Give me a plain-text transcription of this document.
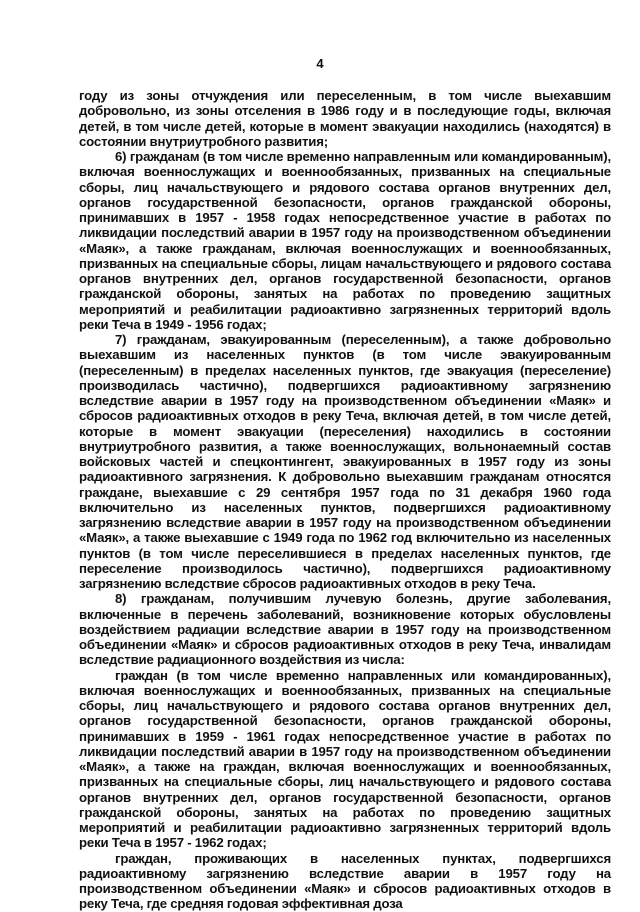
4

году из зоны отчуждения или переселенным, в том числе выехавшим добровольно, из зоны отселения в 1986 году и в последующие годы, включая детей, в том числе детей, которые в момент эвакуации находились (находятся) в состоянии внутриутробного развития;

6) гражданам (в том числе временно направленным или командированным), включая военнослужащих и военнообязанных, призванных на специальные сборы, лиц начальствующего и рядового состава органов внутренних дел, органов государственной безопасности, органов гражданской обороны, принимавших в 1957 - 1958 годах непосредственное участие в работах по ликвидации последствий аварии в 1957 году на производственном объединении «Маяк», а также гражданам, включая военнослужащих и военнообязанных, призванных на специальные сборы, лицам начальствующего и рядового состава органов внутренних дел, органов государственной безопасности, органов гражданской обороны, занятых на работах по проведению защитных мероприятий и реабилитации радиоактивно загрязненных территорий вдоль реки Теча в 1949 - 1956 годах;

7) гражданам, эвакуированным (переселенным), а также добровольно выехавшим из населенных пунктов (в том числе эвакуированным (переселенным) в пределах населенных пунктов, где эвакуация (переселение) производилась частично), подвергшихся радиоактивному загрязнению вследствие аварии в 1957 году на производственном объединении «Маяк» и сбросов радиоактивных отходов в реку Теча, включая детей, в том числе детей, которые в момент эвакуации (переселения) находились в состоянии внутриутробного развития, а также военнослужащих, вольнонаемный состав войсковых частей и спецконтингент, эвакуированных в 1957 году из зоны радиоактивного загрязнения. К добровольно выехавшим гражданам относятся граждане, выехавшие с 29 сентября 1957 года по 31 декабря 1960 года включительно из населенных пунктов, подвергшихся радиоактивному загрязнению вследствие аварии в 1957 году на производственном объединении «Маяк», а также выехавшие с 1949 года по 1962 год включительно из населенных пунктов (в том числе переселившиеся в пределах населенных пунктов, где переселение производилось частично), подвергшихся радиоактивному загрязнению вследствие сбросов радиоактивных отходов в реку Теча.

8) гражданам, получившим лучевую болезнь, другие заболевания, включенные в перечень заболеваний, возникновение которых обусловлены воздействием радиации вследствие аварии в 1957 году на производственном объединении «Маяк» и сбросов радиоактивных отходов в реку Теча, инвалидам вследствие радиационного воздействия из числа:

граждан (в том числе временно направленных или командированных), включая военнослужащих и военнообязанных, призванных на специальные сборы, лиц начальствующего и рядового состава органов внутренних дел, органов государственной безопасности, органов гражданской обороны, принимавших в 1959 - 1961 годах непосредственное участие в работах по ликвидации последствий аварии в 1957 году на производственном объединении «Маяк», а также на граждан, включая военнослужащих и военнообязанных, призванных на специальные сборы, лиц начальствующего и рядового состава органов внутренних дел, органов государственной безопасности, органов гражданской обороны, занятых на работах по проведению защитных мероприятий и реабилитации радиоактивно загрязненных территорий вдоль реки Теча в 1957 - 1962 годах;

граждан, проживающих в населенных пунктах, подвергшихся радиоактивному загрязнению вследствие аварии в 1957 году на производственном объединении «Маяк» и сбросов радиоактивных отходов в реку Теча, где средняя годовая эффективная доза
